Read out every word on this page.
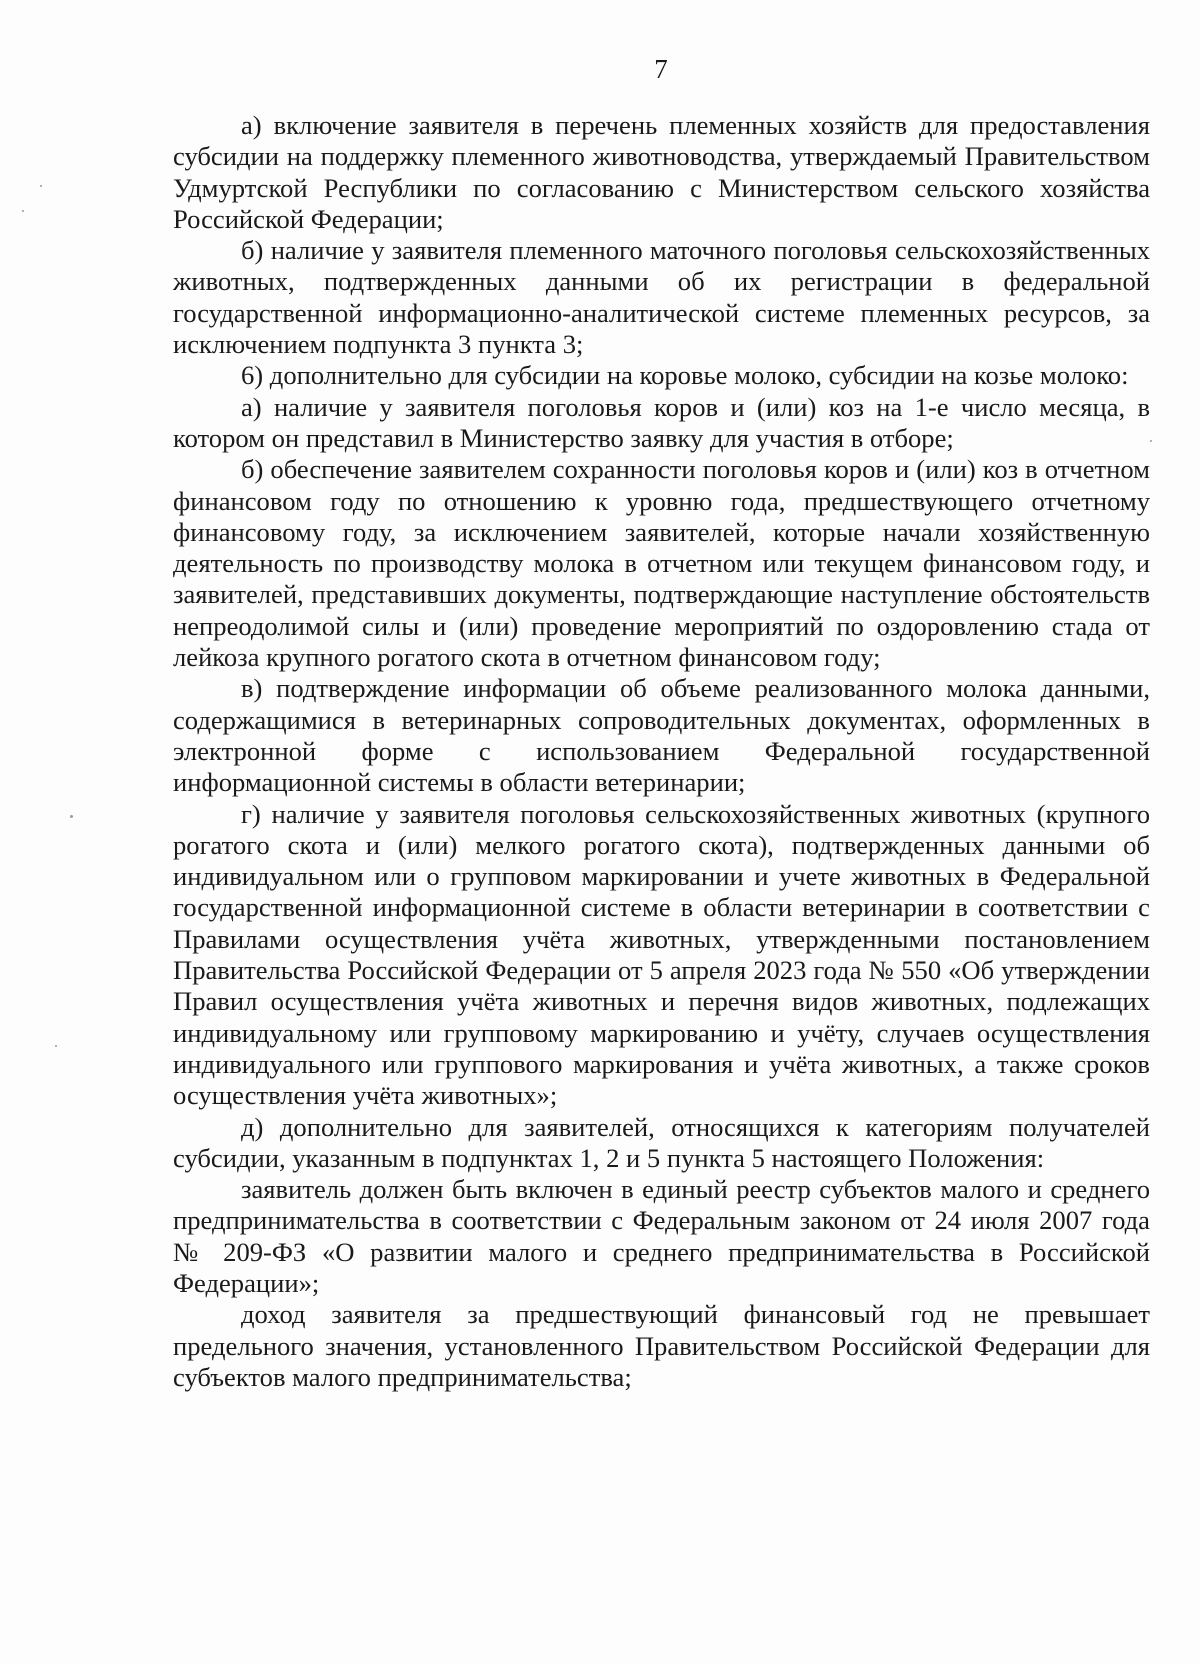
7

а) включение заявителя в перечень племенных хозяйств для предоставления субсидии на поддержку племенного животноводства, утверждаемый Правительством Удмуртской Республики по согласованию с Министерством сельского хозяйства Российской Федерации;

б) наличие у заявителя племенного маточного поголовья сельскохозяйственных животных, подтвержденных данными об их регистрации в федеральной государственной информационно-аналитической системе племенных ресурсов, за исключением подпункта 3 пункта 3;

6) дополнительно для субсидии на коровье молоко, субсидии на козье молоко:

а) наличие у заявителя поголовья коров и (или) коз на 1-е число месяца, в котором он представил в Министерство заявку для участия в отборе;

б) обеспечение заявителем сохранности поголовья коров и (или) коз в отчетном финансовом году по отношению к уровню года, предшествующего отчетному финансовому году, за исключением заявителей, которые начали хозяйственную деятельность по производству молока в отчетном или текущем финансовом году, и заявителей, представивших документы, подтверждающие наступление обстоятельств непреодолимой силы и (или) проведение мероприятий по оздоровлению стада от лейкоза крупного рогатого скота в отчетном финансовом году;

в) подтверждение информации об объеме реализованного молока данными, содержащимися в ветеринарных сопроводительных документах, оформленных в электронной форме с использованием Федеральной государственной информационной системы в области ветеринарии;

г) наличие у заявителя поголовья сельскохозяйственных животных (крупного рогатого скота и (или) мелкого рогатого скота), подтвержденных данными об индивидуальном или о групповом маркировании и учете животных в Федеральной государственной информационной системе в области ветеринарии в соответствии с Правилами осуществления учёта животных, утвержденными постановлением Правительства Российской Федерации от 5 апреля 2023 года № 550 «Об утверждении Правил осуществления учёта животных и перечня видов животных, подлежащих индивидуальному или групповому маркированию и учёту, случаев осуществления индивидуального или группового маркирования и учёта животных, а также сроков осуществления учёта животных»;

д) дополнительно для заявителей, относящихся к категориям получателей субсидии, указанным в подпунктах 1, 2 и 5 пункта 5 настоящего Положения:

заявитель должен быть включен в единый реестр субъектов малого и среднего предпринимательства в соответствии с Федеральным законом от 24 июля 2007 года № 209-ФЗ «О развитии малого и среднего предпринимательства в Российской Федерации»;

доход заявителя за предшествующий финансовый год не превышает предельного значения, установленного Правительством Российской Федерации для субъектов малого предпринимательства;
